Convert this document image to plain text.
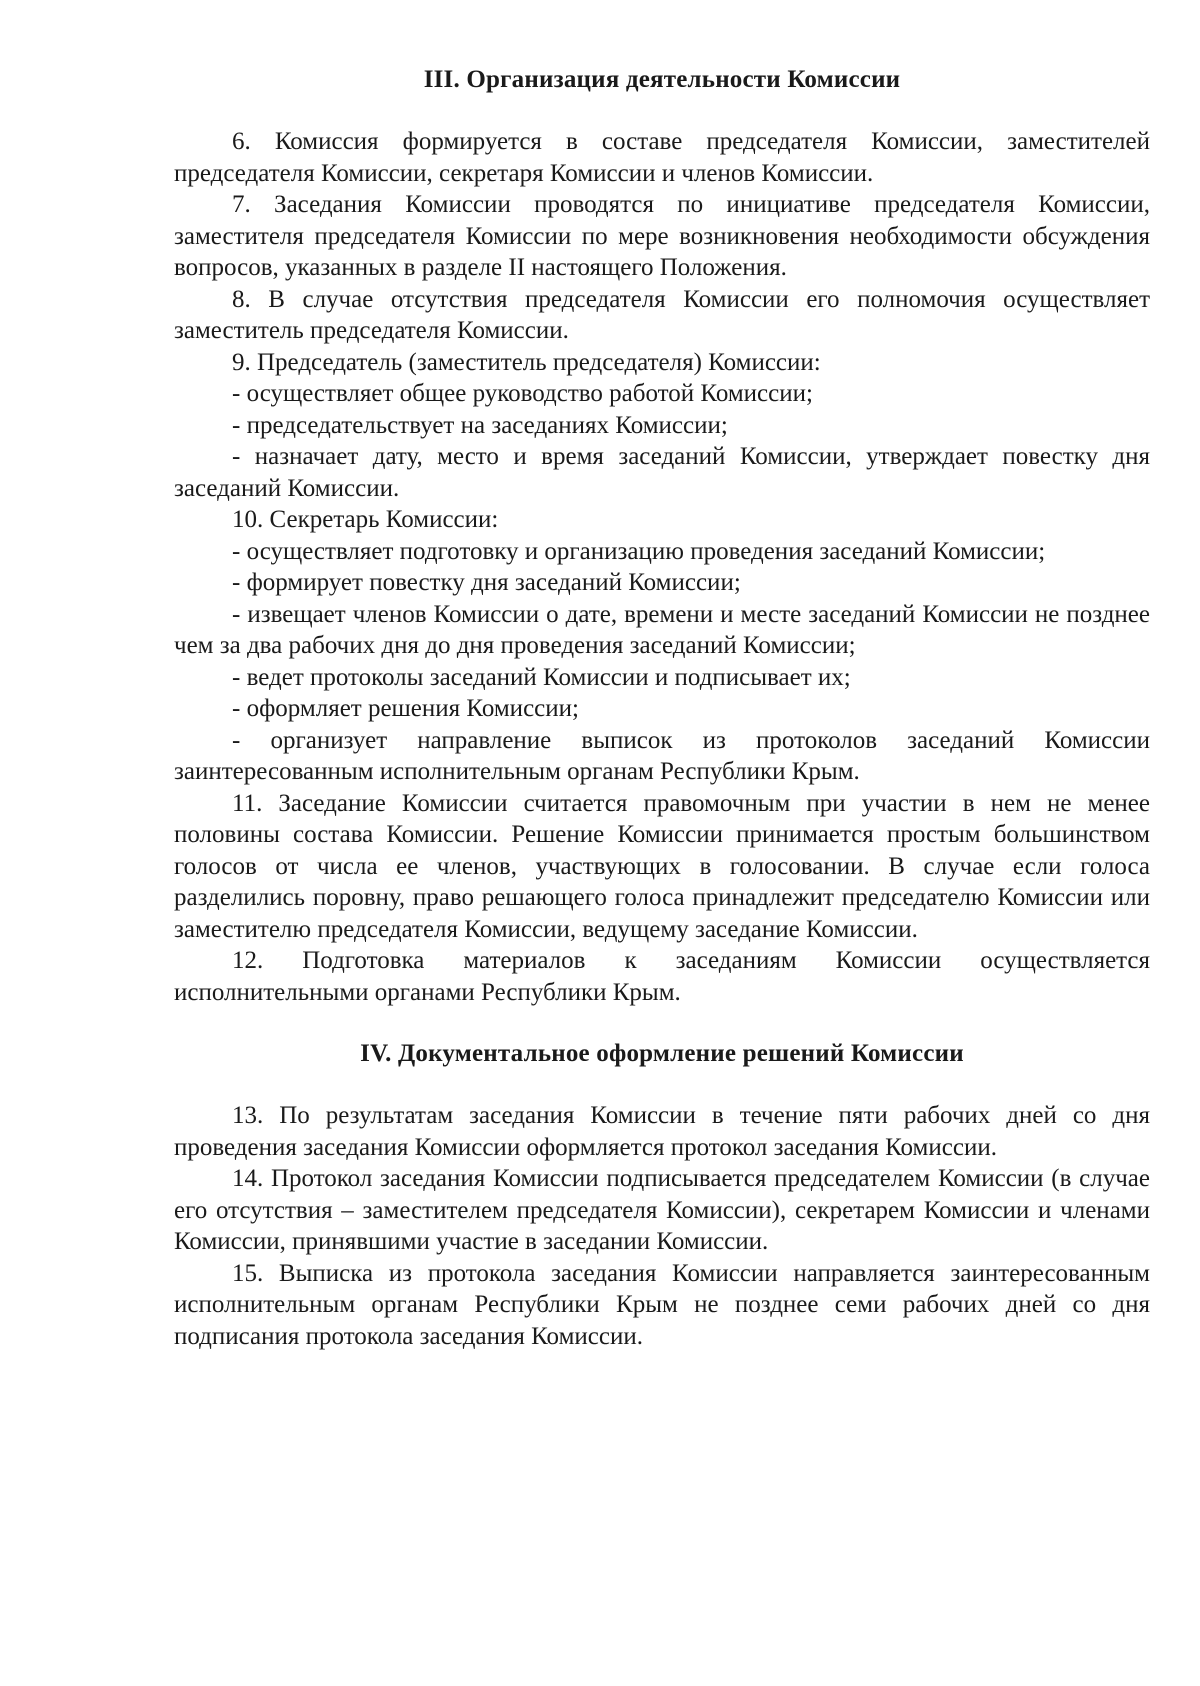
III. Организация деятельности Комиссии

6. Комиссия формируется в составе председателя Комиссии, заместителей председателя Комиссии, секретаря Комиссии и членов Комиссии.

7. Заседания Комиссии проводятся по инициативе председателя Комиссии, заместителя председателя Комиссии по мере возникновения необходимости обсуждения вопросов, указанных в разделе II настоящего Положения.

8. В случае отсутствия председателя Комиссии его полномочия осуществляет заместитель председателя Комиссии.

9. Председатель (заместитель председателя) Комиссии:

- осуществляет общее руководство работой Комиссии;

- председательствует на заседаниях Комиссии;

- назначает дату, место и время заседаний Комиссии, утверждает повестку дня заседаний Комиссии.

10. Секретарь Комиссии:

- осуществляет подготовку и организацию проведения заседаний Комиссии;

- формирует повестку дня заседаний Комиссии;

- извещает членов Комиссии о дате, времени и месте заседаний Комиссии не позднее чем за два рабочих дня до дня проведения заседаний Комиссии;

- ведет протоколы заседаний Комиссии и подписывает их;

- оформляет решения Комиссии;

- организует направление выписок из протоколов заседаний Комиссии заинтересованным исполнительным органам Республики Крым.

11. Заседание Комиссии считается правомочным при участии в нем не менее половины состава Комиссии. Решение Комиссии принимается простым большинством голосов от числа ее членов, участвующих в голосовании. В случае если голоса разделились поровну, право решающего голоса принадлежит председателю Комиссии или заместителю председателя Комиссии, ведущему заседание Комиссии.

12. Подготовка материалов к заседаниям Комиссии осуществляется исполнительными органами Республики Крым.

IV. Документальное оформление решений Комиссии

13. По результатам заседания Комиссии в течение пяти рабочих дней со дня проведения заседания Комиссии оформляется протокол заседания Комиссии.

14. Протокол заседания Комиссии подписывается председателем Комиссии (в случае его отсутствия – заместителем председателя Комиссии), секретарем Комиссии и членами Комиссии, принявшими участие в заседании Комиссии.

15. Выписка из протокола заседания Комиссии направляется заинтересованным исполнительным органам Республики Крым не позднее семи рабочих дней со дня подписания протокола заседания Комиссии.
